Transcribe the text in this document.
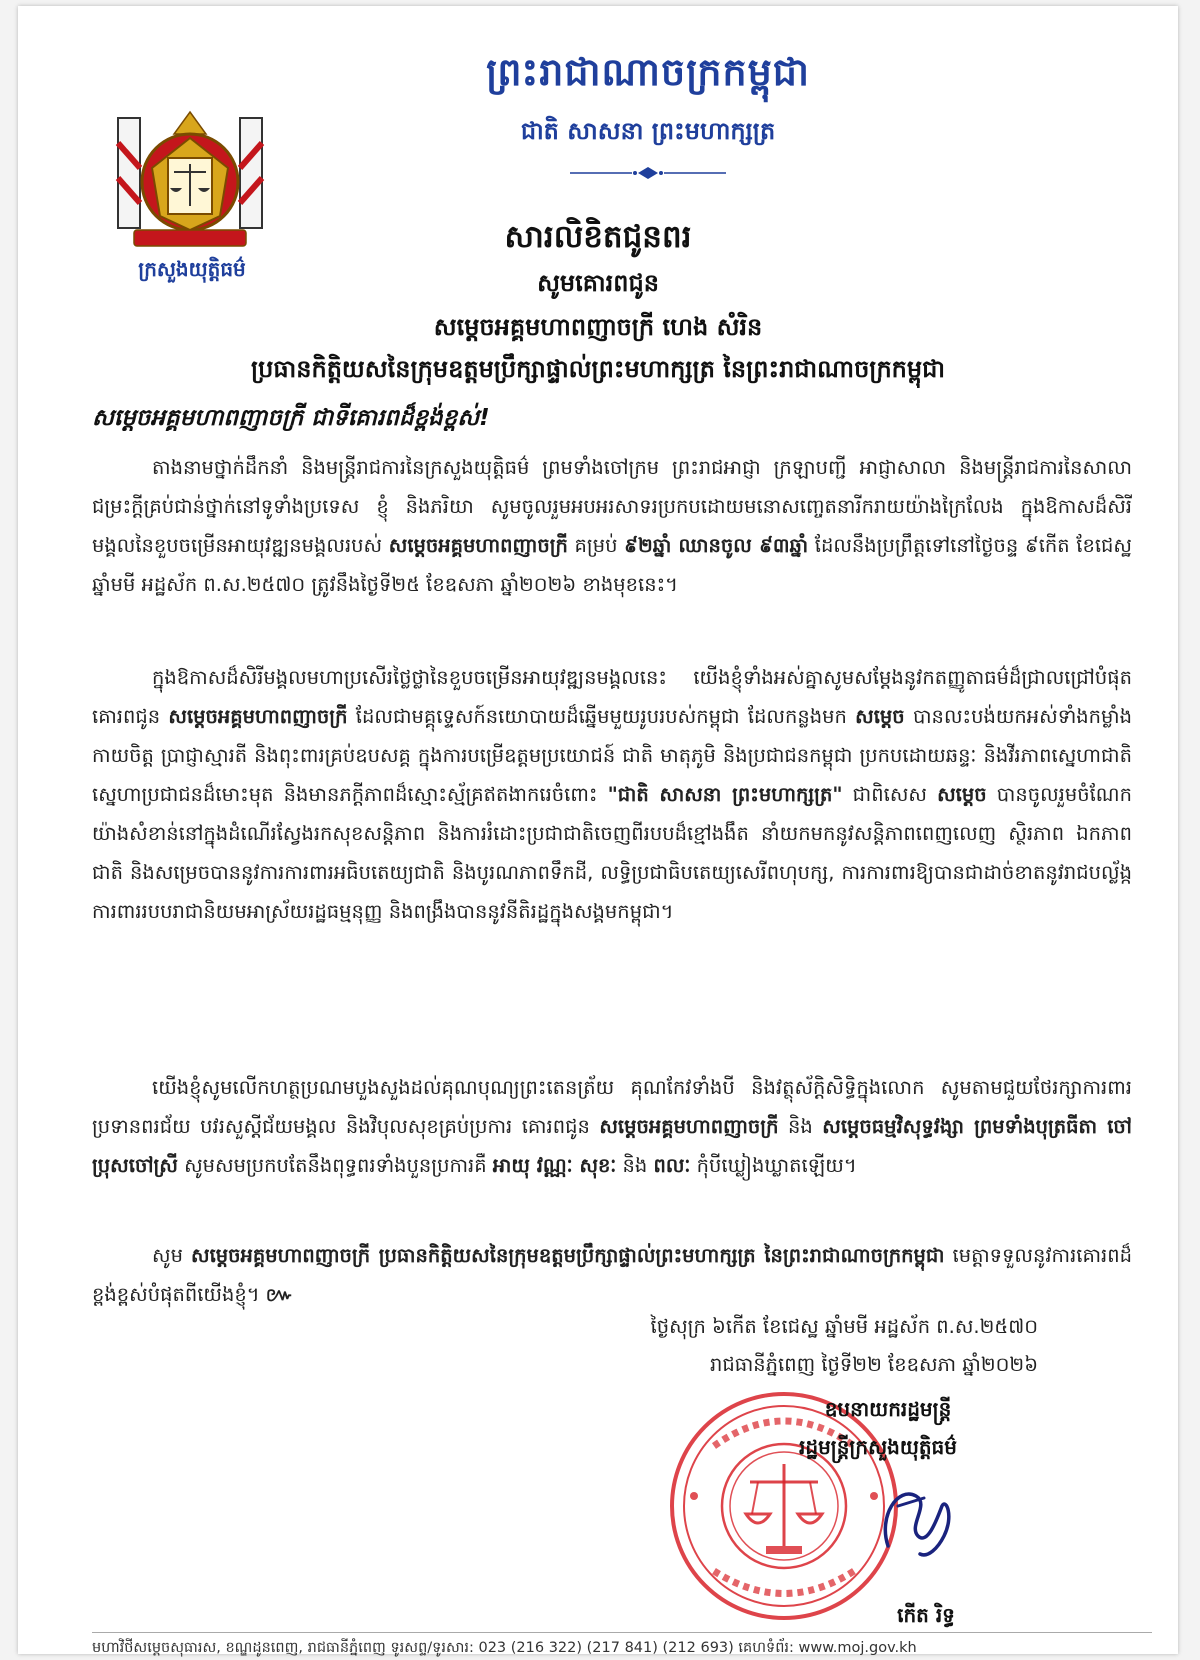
ក្រសួងយុត្តិធម៌
ព្រះរាជាណាចក្រកម្ពុជា
ជាតិ សាសនា ព្រះមហាក្សត្រ
សារលិខិតជូនពរ
សូមគោរពជូន
សម្តេចអគ្គមហាពញាចក្រី ហេង សំរិន
ប្រធានកិត្តិយសនៃក្រុមឧត្តមប្រឹក្សាផ្ទាល់ព្រះមហាក្សត្រ នៃព្រះរាជាណាចក្រកម្ពុជា
សម្តេចអគ្គមហាពញាចក្រី ជាទីគោរពដ៏ខ្ពង់ខ្ពស់!
តាងនាមថ្នាក់ដឹកនាំ និងមន្ត្រីរាជការនៃក្រសួងយុត្តិធម៌ ព្រមទាំងចៅក្រម ព្រះរាជអាជ្ញា ក្រឡាបញ្ជី អាជ្ញាសាលា និងមន្ត្រីរាជការនៃសាលាជម្រះក្តីគ្រប់ជាន់ថ្នាក់នៅទូទាំងប្រទេស ខ្ញុំ និងភរិយា សូមចូលរួមអបអរសាទរប្រកបដោយមនោសញ្ចេតនារីករាយយ៉ាងក្រៃលែង ក្នុងឱកាសដ៏សិរីមង្គលនៃខួបចម្រើនអាយុវឌ្ឍនមង្គលរបស់ សម្តេចអគ្គមហាពញាចក្រី គម្រប់ ៩២ឆ្នាំ ឈានចូល ៩៣ឆ្នាំ ដែលនឹងប្រព្រឹត្តទៅនៅថ្ងៃចន្ទ ៩កើត ខែជេស្ឋ ឆ្នាំមមី អដ្ឋស័ក ព.ស.២៥៧០ ត្រូវនឹងថ្ងៃទី២៥ ខែឧសភា ឆ្នាំ២០២៦ ខាងមុខនេះ។
ក្នុងឱកាសដ៏សិរីមង្គលមហាប្រសើរថ្លៃថ្លានៃខួបចម្រើនអាយុវឌ្ឍនមង្គលនេះ យើងខ្ញុំទាំងអស់គ្នាសូមសម្តែងនូវកតញ្ញូតាធម៌ដ៏ជ្រាលជ្រៅបំផុត គោរពជូន សម្តេចអគ្គមហាពញាចក្រី ដែលជាមគ្គុទ្ទេសក៍នយោបាយដ៏ឆ្នើមមួយរូបរបស់កម្ពុជា ដែលកន្លងមក សម្តេច បានលះបង់យកអស់ទាំងកម្លាំងកាយចិត្ត ប្រាជ្ញាស្មារតី និងពុះពារគ្រប់ឧបសគ្គ ក្នុងការបម្រើឧត្តមប្រយោជន៍ ជាតិ មាតុភូមិ និងប្រជាជនកម្ពុជា ប្រកបដោយឆន្ទៈ និងវីរភាពស្នេហាជាតិ ស្នេហាប្រជាជនដ៏មោះមុត និងមានភក្តីភាពដ៏ស្មោះស្ម័គ្រឥតងាករេចំពោះ "ជាតិ សាសនា ព្រះមហាក្សត្រ" ជាពិសេស សម្តេច បានចូលរួមចំណែកយ៉ាងសំខាន់នៅក្នុងដំណើរស្វែងរកសុខសន្តិភាព និងការរំដោះប្រជាជាតិចេញពីរបបដ៏ខ្មៅងងឹត នាំយកមកនូវសន្តិភាពពេញលេញ ស្ថិរភាព ឯកភាពជាតិ និងសម្រេចបាននូវការការពារអធិបតេយ្យជាតិ និងបូរណភាពទឹកដី, លទ្ធិប្រជាធិបតេយ្យសេរីពហុបក្ស, ការការពារឱ្យបានជាដាច់ខាតនូវរាជបល្ល័ង្ក ការពាររបបរាជានិយមអាស្រ័យរដ្ឋធម្មនុញ្ញ និងពង្រឹងបាននូវនីតិរដ្ឋក្នុងសង្គមកម្ពុជា។
យើងខ្ញុំសូមលើកហត្ថប្រណមបួងសួងដល់គុណបុណ្យព្រះតេនត្រ័យ គុណកែវទាំងបី និងវត្ថុស័ក្តិសិទ្ធិក្នុងលោក សូមតាមជួយថែរក្សាការពារ ប្រទានពរជ័យ បវរសួស្តីជ័យមង្គល និងវិបុលសុខគ្រប់ប្រការ គោរពជូន សម្តេចអគ្គមហាពញាចក្រី និង សម្តេចធម្មវិសុទ្ធវង្សា ព្រមទាំងបុត្រធីតា ចៅប្រុសចៅស្រី សូមសមប្រកបតែនឹងពុទ្ធពរទាំងបួនប្រការគឺ អាយុ វណ្ណៈ សុខៈ និង ពលៈ កុំបីឃ្លៀងឃ្លាតឡើយ។
សូម សម្តេចអគ្គមហាពញាចក្រី ប្រធានកិត្តិយសនៃក្រុមឧត្តមប្រឹក្សាផ្ទាល់ព្រះមហាក្សត្រ នៃព្រះរាជាណាចក្រកម្ពុជា មេត្តាទទួលនូវការគោរពដ៏ខ្ពង់ខ្ពស់បំផុតពីយើងខ្ញុំ។ ៚
ថ្ងៃសុក្រ ៦កើត ខែជេស្ឋ ឆ្នាំមមី អដ្ឋស័ក ព.ស.២៥៧០
រាជធានីភ្នំពេញ ថ្ងៃទី២២ ខែឧសភា ឆ្នាំ២០២៦
ឧបនាយករដ្ឋមន្ត្រី
រដ្ឋមន្ត្រីក្រសួងយុត្តិធម៌
កើត រិទ្ធ
មហាវិថីសម្តេចសុធារស, ខណ្ឌដូនពេញ, រាជធានីភ្នំពេញ ទូរសព្ទ/ទូរសារ: 023 (216 322) (217 841) (212 693) គេហទំព័រ: www.moj.gov.kh
